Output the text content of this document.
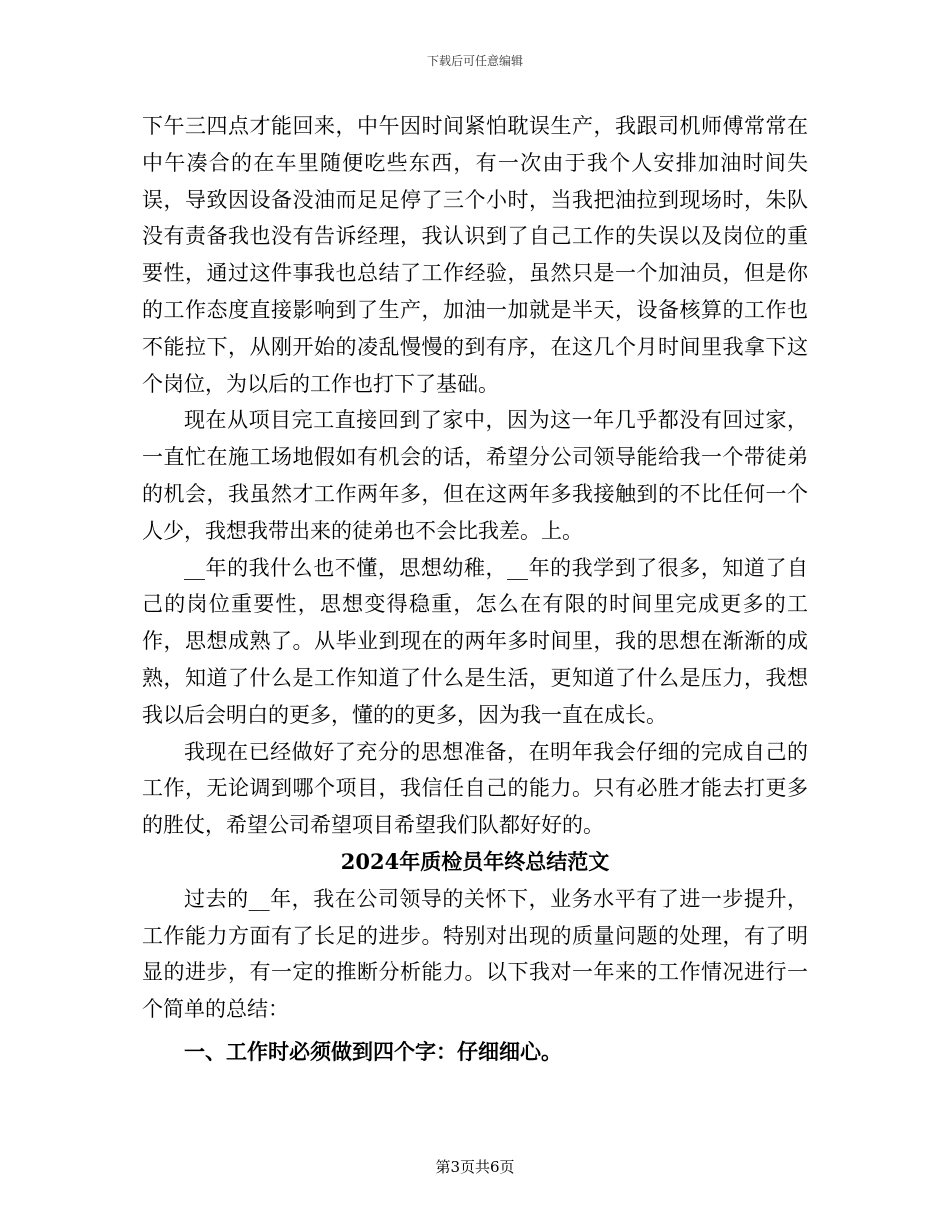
下载后可任意编辑

下午三四点才能回来，中午因时间紧怕耽误生产，我跟司机师傅常常在中午凑合的在车里随便吃些东西，有一次由于我个人安排加油时间失误，导致因设备没油而足足停了三个小时，当我把油拉到现场时，朱队没有责备我也没有告诉经理，我认识到了自己工作的失误以及岗位的重要性，通过这件事我也总结了工作经验，虽然只是一个加油员，但是你的工作态度直接影响到了生产，加油一加就是半天，设备核算的工作也不能拉下，从刚开始的凌乱慢慢的到有序，在这几个月时间里我拿下这个岗位，为以后的工作也打下了基础。

现在从项目完工直接回到了家中，因为这一年几乎都没有回过家，一直忙在施工场地假如有机会的话，希望分公司领导能给我一个带徒弟的机会，我虽然才工作两年多，但在这两年多我接触到的不比任何一个人少，我想我带出来的徒弟也不会比我差。上。

__年的我什么也不懂，思想幼稚，__年的我学到了很多，知道了自己的岗位重要性，思想变得稳重，怎么在有限的时间里完成更多的工作，思想成熟了。从毕业到现在的两年多时间里，我的思想在渐渐的成熟，知道了什么是工作知道了什么是生活，更知道了什么是压力，我想我以后会明白的更多，懂的的更多，因为我一直在成长。

我现在已经做好了充分的思想准备，在明年我会仔细的完成自己的工作，无论调到哪个项目，我信任自己的能力。只有必胜才能去打更多的胜仗，希望公司希望项目希望我们队都好好的。

2024年质检员年终总结范文

过去的__年，我在公司领导的关怀下，业务水平有了进一步提升，工作能力方面有了长足的进步。特别对出现的质量问题的处理，有了明显的进步，有一定的推断分析能力。以下我对一年来的工作情况进行一个简单的总结：

一、工作时必须做到四个字：仔细细心。
第3页共6页
